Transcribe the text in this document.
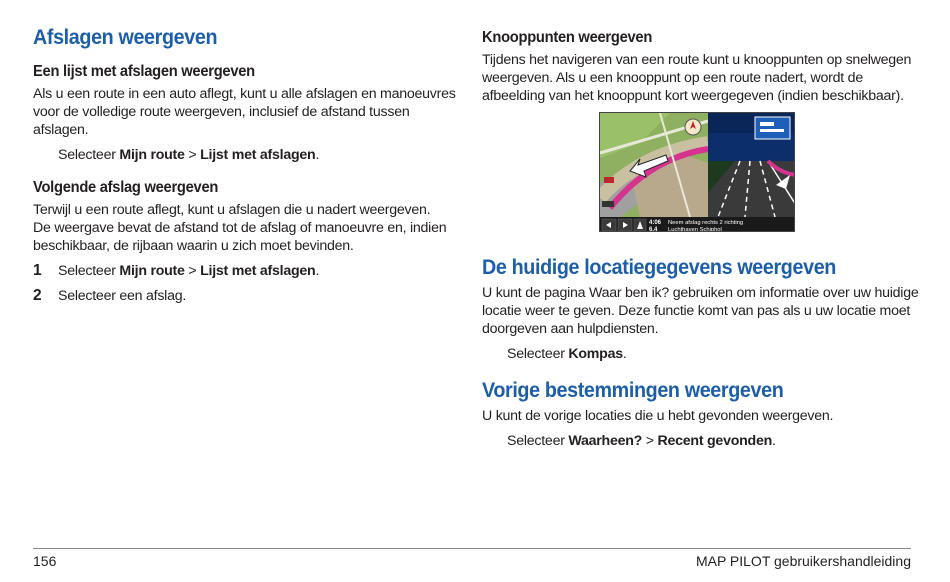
Afslagen weergeven
Een lijst met afslagen weergeven
Als u een route in een auto aflegt, kunt u alle afslagen en manoeuvres
voor de volledige route weergeven, inclusief de afstand tussen afslagen.
Selecteer Mijn route > Lijst met afslagen.
Volgende afslag weergeven
Terwijl u een route aflegt, kunt u afslagen die u nadert weergeven.
De weergave bevat de afstand tot de afslag of manoeuvre en, indien
beschikbaar, de rijbaan waarin u zich moet bevinden.
1 Selecteer Mijn route > Lijst met afslagen.
2 Selecteer een afslag.
Knooppunten weergeven
Tijdens het navigeren van een route kunt u knooppunten op snelwegen
weergeven. Als u een knooppunt op een route nadert, wordt de
afbeelding van het knooppunt kort weergegeven (indien beschikbaar).
De huidige locatiegegevens weergeven
U kunt de pagina Waar ben ik? gebruiken om informatie over uw huidige
locatie weer te geven. Deze functie komt van pas als u uw locatie moet
doorgeven aan hulpdiensten.
Selecteer Kompas.
Vorige bestemmingen weergeven
U kunt de vorige locaties die u hebt gevonden weergeven.
Selecteer Waarheen? > Recent gevonden.
4:06
6.4
Neem afslag rechts 2 richting
Luchthaven Schiphol
156	MAP PILOT gebruikershandleiding
